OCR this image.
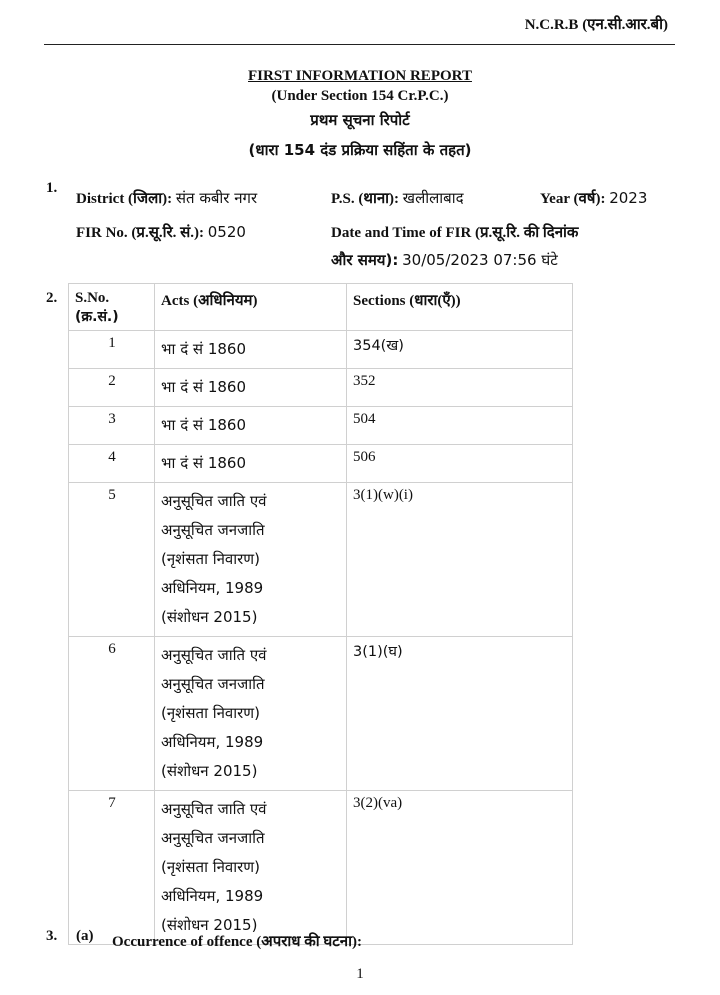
N.C.R.B (एन.सी.आर.बी)
FIRST INFORMATION REPORT
(Under Section 154 Cr.P.C.)
प्रथम सूचना रिपोर्ट
(धारा 154 दंड प्रक्रिया सहिंता के तहत)
1.
District (जिला): संत कबीर नगर	P.S. (थाना): खलीलाबाद	Year (वर्ष): 2023
FIR No. (प्र.सू.रि. सं.): 0520	Date and Time of FIR (प्र.सू.रि. की दिनांक
और समय): 30/05/2023 07:56 घंटे
2. S.No.
(क्र.सं.)	Acts (अधिनियम)	Sections (धारा(एँ))
1	भा दं सं 1860	354(ख)
2	भा दं सं 1860	352
3	भा दं सं 1860	504
4	भा दं सं 1860	506
5	अनुसूचित जाति एवं
अनुसूचित जनजाति
(नृशंसता निवारण)
अधिनियम, 1989
(संशोधन 2015)	3(1)(w)(i)
6	अनुसूचित जाति एवं
अनुसूचित जनजाति
(नृशंसता निवारण)
अधिनियम, 1989
(संशोधन 2015)	3(1)(घ)
7	अनुसूचित जाति एवं
अनुसूचित जनजाति
(नृशंसता निवारण)
अधिनियम, 1989
(संशोधन 2015)	3(2)(va)
3. (a) Occurrence of offence (अपराध की घटना):
1
